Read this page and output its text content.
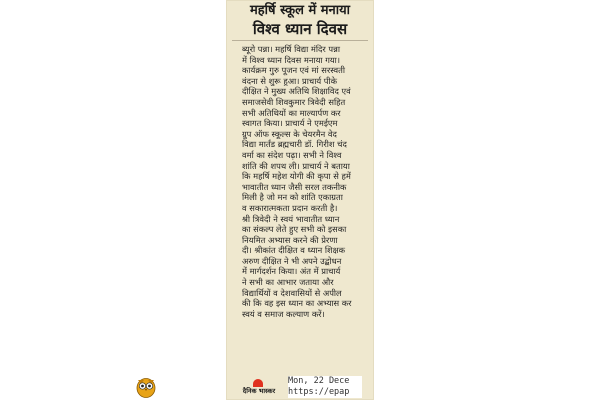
महर्षि स्कूल में मनाया
विश्व ध्यान दिवस
ब्यूरो पन्ना। महर्षि विद्या मंदिर पन्ना
में विश्व ध्यान दिवस मनाया गया।
कार्यक्रम गुरु पूजन एवं मां सरस्वती
वंदना से शुरू हुआ। प्राचार्य पीके
दीक्षित ने मुख्य अतिथि शिक्षाविद एवं
समाजसेवी शिवकुमार त्रिवेदी सहित
सभी अतिथियों का माल्यार्पण कर
स्वागत किया। प्राचार्य ने एमईएम
ग्रुप ऑफ स्कूल्स के चेयरमैन वेद
विद्या मार्तंड ब्रह्मचारी डॉ. गिरीश चंद
वर्मा का संदेश पढ़ा। सभी ने विश्व
शांति की शपथ ली। प्राचार्य ने बताया
कि महर्षि महेश योगी की कृपा से हमें
भावातीत ध्यान जैसी सरल तकनीक
मिली है जो मन को शांति एकाग्रता
व सकारात्मकता प्रदान करती है।
श्री त्रिवेदी ने स्वयं भावातीत ध्यान
का संकल्प लेते हुए सभी को इसका
नियमित अभ्यास करने की प्रेरणा
दी। श्रीकांत दीक्षित व ध्यान शिक्षक
अरुण दीक्षित ने भी अपने उद्बोधन
में मार्गदर्शन किया। अंत में प्राचार्य
ने सभी का आभार जताया और
विद्यार्थियों व देशवासियों से अपील
की कि वह इस ध्यान का अभ्यास कर
स्वयं व समाज कल्याण करें।
दैनिक भास्कर
Mon, 22 Dece
https://epap
